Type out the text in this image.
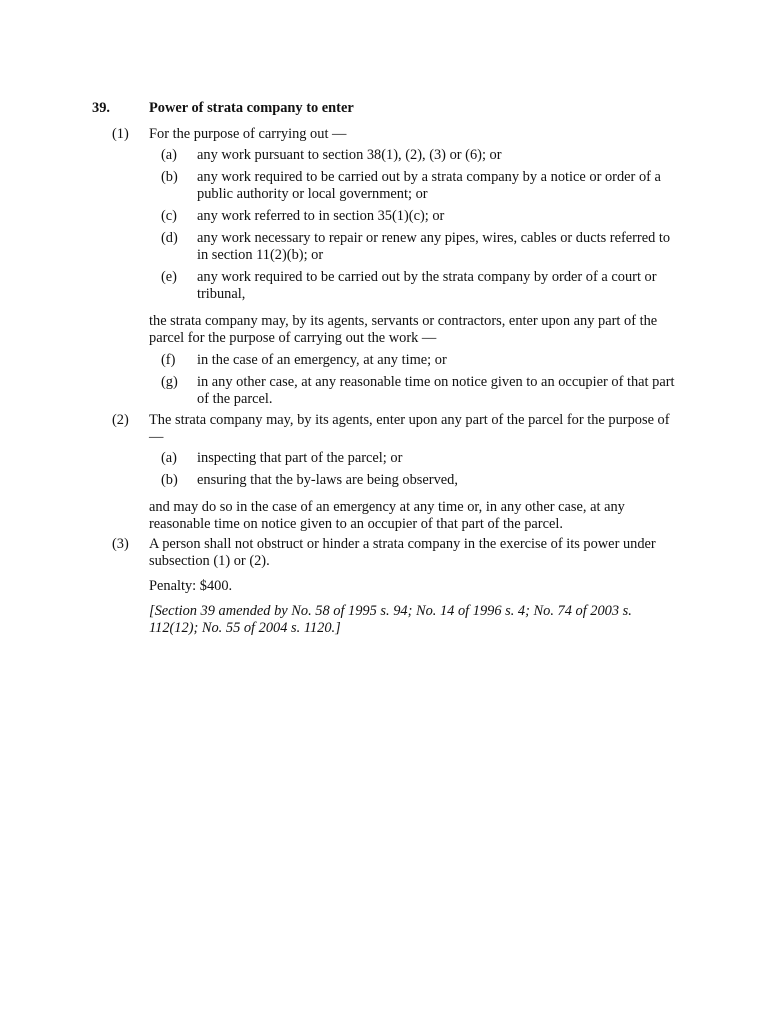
39.	Power of strata company to enter
(1) For the purpose of carrying out —

(a) any work pursuant to section 38(1), (2), (3) or (6); or
(b) any work required to be carried out by a strata company by a notice or order of a public authority or local government; or
(c) any work referred to in section 35(1)(c); or
(d) any work necessary to repair or renew any pipes, wires, cables or ducts referred to in section 11(2)(b); or
(e) any work required to be carried out by the strata company by order of a court or tribunal,

the strata company may, by its agents, servants or contractors, enter upon any part of the parcel for the purpose of carrying out the work —

(f) in the case of an emergency, at any time; or
(g) in any other case, at any reasonable time on notice given to an occupier of that part of the parcel.
(2) The strata company may, by its agents, enter upon any part of the parcel for the purpose of —

(a) inspecting that part of the parcel; or
(b) ensuring that the by-laws are being observed,

and may do so in the case of an emergency at any time or, in any other case, at any reasonable time on notice given to an occupier of that part of the parcel.

(3) A person shall not obstruct or hinder a strata company in the exercise of its power under subsection (1) or (2).

Penalty: $400.

[Section 39 amended by No. 58 of 1995 s. 94; No. 14 of 1996 s. 4; No. 74 of 2003 s. 112(12); No. 55 of 2004 s. 1120.]
